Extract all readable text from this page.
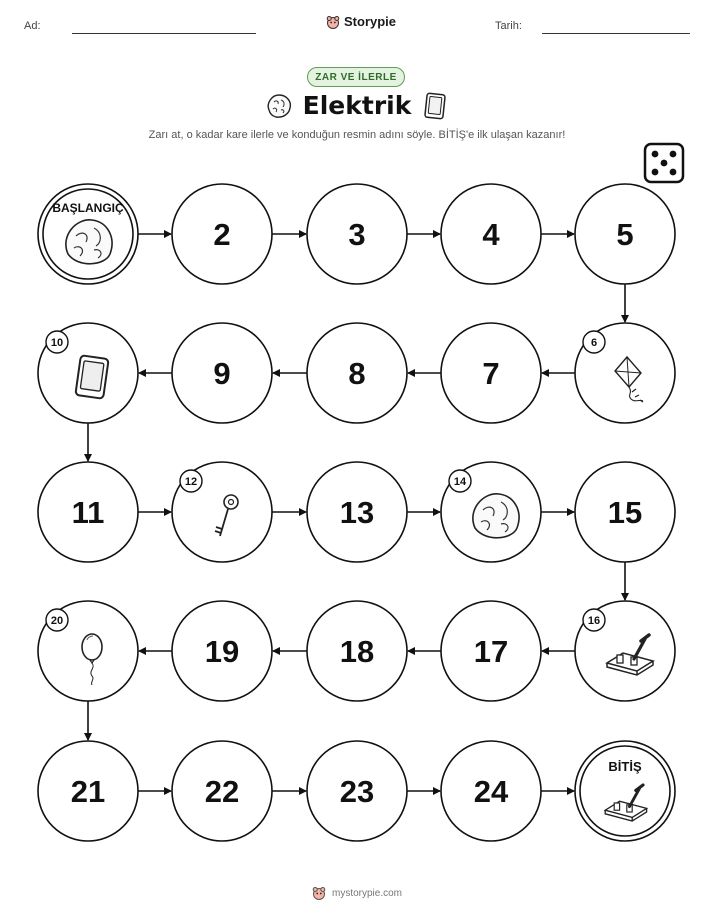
Ad:	Storypie	Tarih:
ZAR VE İLERLE
Elektrik
Zarı at, o kadar kare ilerle ve konduğun resmin adını söyle. BİTİŞ'e ilk ulaşan kazanır!
BAŞLANGIÇ
2	3	4	5
6
7
8
9
10
11
12
13
14
15
16
17
18
19
20
21	22	23	24
BİTİŞ
mystorypie.com
